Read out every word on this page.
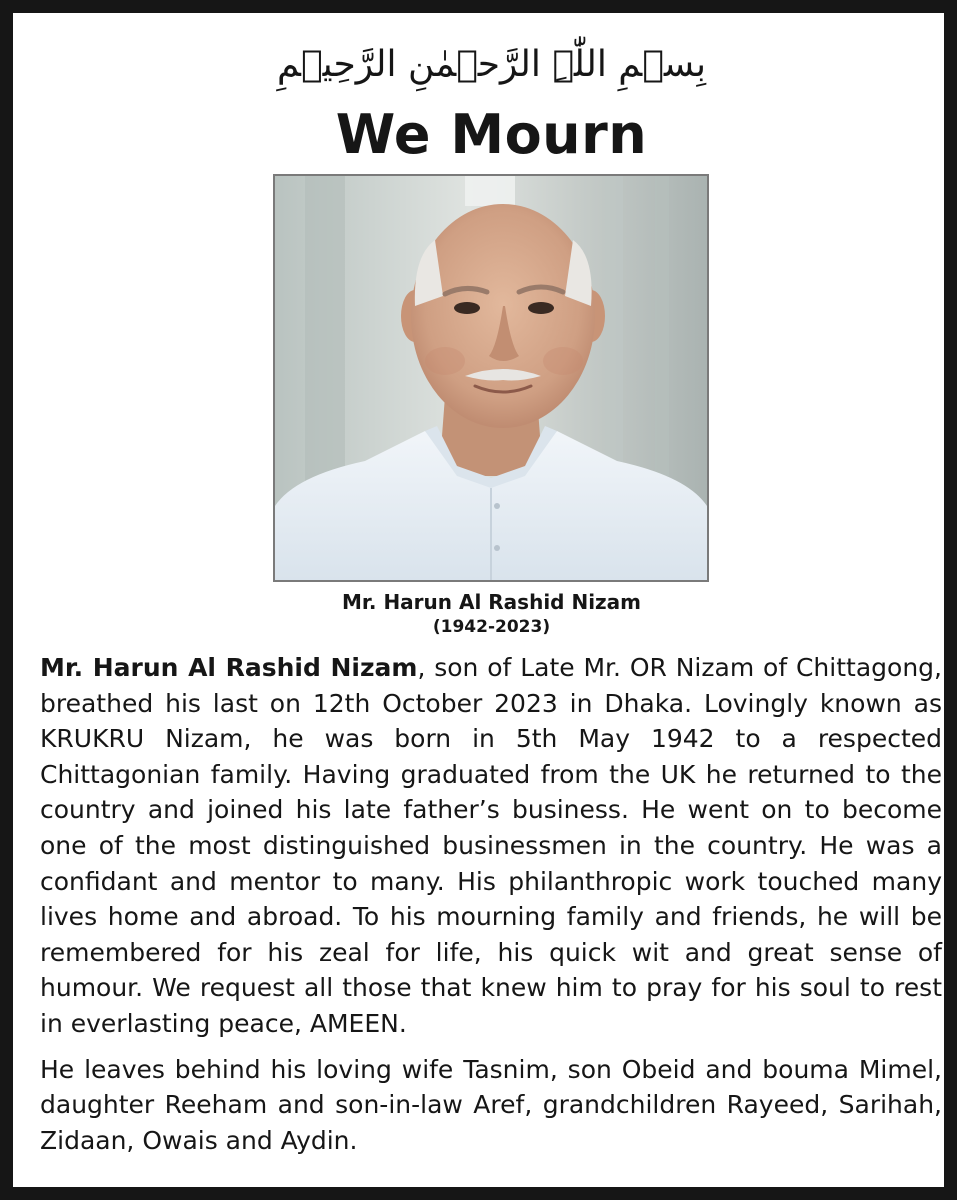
بِسۡمِ اللّٰہِ الرَّحۡمٰنِ الرَّحِیۡمِ
We Mourn
Mr. Harun Al Rashid Nizam
(1942-2023)

Mr. Harun Al Rashid Nizam, son of Late Mr. OR Nizam of Chittagong, breathed his last on 12th October 2023 in Dhaka. Lovingly known as KRUKRU Nizam, he was born in 5th May 1942 to a respected Chittagonian family. Having graduated from the UK he returned to the country and joined his late father’s business. He went on to become one of the most distinguished businessmen in the country. He was a confidant and mentor to many. His philanthropic work touched many lives home and abroad. To his mourning family and friends, he will be remembered for his zeal for life, his quick wit and great sense of humour. We request all those that knew him to pray for his soul to rest in everlasting peace, AMEEN.

He leaves behind his loving wife Tasnim, son Obeid and bouma Mimel, daughter Reeham and son-in-law Aref, grandchildren Rayeed, Sarihah, Zidaan, Owais and Aydin.
